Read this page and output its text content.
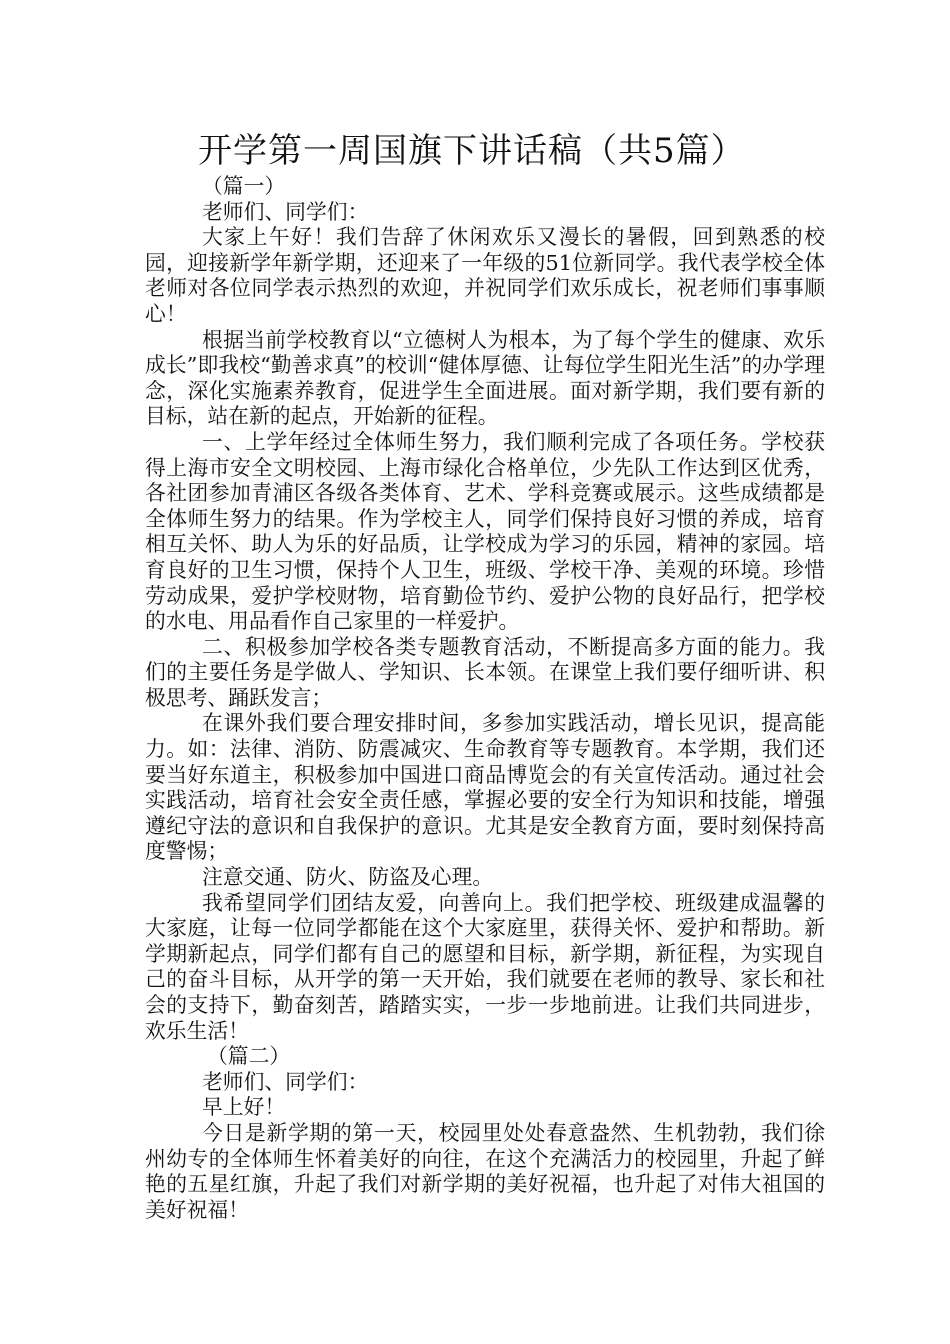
开学第一周国旗下讲话稿（共5篇）

（篇一）

老师们、同学们：

大家上午好！我们告辞了休闲欢乐又漫长的暑假，回到熟悉的校园，迎接新学年新学期，还迎来了一年级的51位新同学。我代表学校全体老师对各位同学表示热烈的欢迎，并祝同学们欢乐成长，祝老师们事事顺心！

根据当前学校教育以“立德树人为根本，为了每个学生的健康、欢乐成长”即我校“勤善求真”的校训“健体厚德、让每位学生阳光生活”的办学理念，深化实施素养教育，促进学生全面进展。面对新学期，我们要有新的目标，站在新的起点，开始新的征程。

一、上学年经过全体师生努力，我们顺利完成了各项任务。学校获得上海市安全文明校园、上海市绿化合格单位，少先队工作达到区优秀，各社团参加青浦区各级各类体育、艺术、学科竞赛或展示。这些成绩都是全体师生努力的结果。作为学校主人，同学们保持良好习惯的养成，培育相互关怀、助人为乐的好品质，让学校成为学习的乐园，精神的家园。培育良好的卫生习惯，保持个人卫生，班级、学校干净、美观的环境。珍惜劳动成果，爱护学校财物，培育勤俭节约、爱护公物的良好品行，把学校的水电、用品看作自己家里的一样爱护。

二、积极参加学校各类专题教育活动，不断提高多方面的能力。我们的主要任务是学做人、学知识、长本领。在课堂上我们要仔细听讲、积极思考、踊跃发言；

在课外我们要合理安排时间，多参加实践活动，增长见识，提高能力。如：法律、消防、防震减灾、生命教育等专题教育。本学期，我们还要当好东道主，积极参加中国进口商品博览会的有关宣传活动。通过社会实践活动，培育社会安全责任感，掌握必要的安全行为知识和技能，增强遵纪守法的意识和自我保护的意识。尤其是安全教育方面，要时刻保持高度警惕；

注意交通、防火、防盗及心理。

我希望同学们团结友爱，向善向上。我们把学校、班级建成温馨的大家庭，让每一位同学都能在这个大家庭里，获得关怀、爱护和帮助。新学期新起点，同学们都有自己的愿望和目标，新学期，新征程，为实现自己的奋斗目标，从开学的第一天开始，我们就要在老师的教导、家长和社会的支持下，勤奋刻苦，踏踏实实，一步一步地前进。让我们共同进步，欢乐生活！

（篇二）

老师们、同学们：

早上好！

今日是新学期的第一天，校园里处处春意盎然、生机勃勃，我们徐州幼专的全体师生怀着美好的向往，在这个充满活力的校园里，升起了鲜艳的五星红旗，升起了我们对新学期的美好祝福，也升起了对伟大祖国的美好祝福！
